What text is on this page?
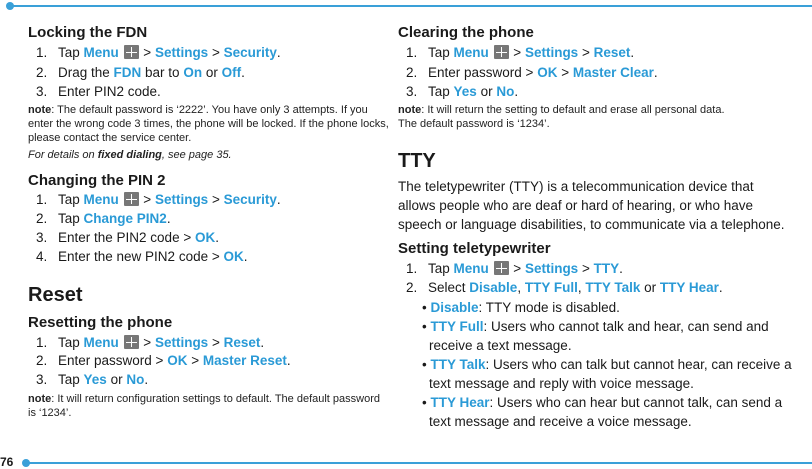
76
Locking the FDN
1. Tap Menu  > Settings > Security.
2. Drag the FDN bar to On or Off.
3. Enter PIN2 code.
note: The default password is ‘2222’. You have only 3 attempts. If you
enter the wrong code 3 times, the phone will be locked. If the phone locks,
please contact the service center.
For details on fixed dialing, see page 35.
Changing the PIN 2
1. Tap Menu  > Settings > Security.
2. Tap Change PIN2.
3. Enter the PIN2 code > OK.
4. Enter the new PIN2 code > OK.
Reset
Resetting the phone
1. Tap Menu  > Settings > Reset.
2. Enter password > OK > Master Reset.
3. Tap Yes or No.
note: It will return configuration settings to default. The default password
is ‘1234’.
Clearing the phone
1. Tap Menu  > Settings > Reset.
2. Enter password > OK > Master Clear.
3. Tap Yes or No.
note: It will return the setting to default and erase all personal data.
The default password is ‘1234’.
TTY
The teletypewriter (TTY) is a telecommunication device that
allows people who are deaf or hard of hearing, or who have
speech or language disabilities, to communicate via a telephone.
Setting teletypewriter
1. Tap Menu  > Settings > TTY.
2. Select Disable, TTY Full, TTY Talk or TTY Hear.
• Disable: TTY mode is disabled.
• TTY Full: Users who cannot talk and hear, can send and
receive a text message.
• TTY Talk: Users who can talk but cannot hear, can receive a
text message and reply with voice message.
• TTY Hear: Users who can hear but cannot talk, can send a
text message and receive a voice message.
